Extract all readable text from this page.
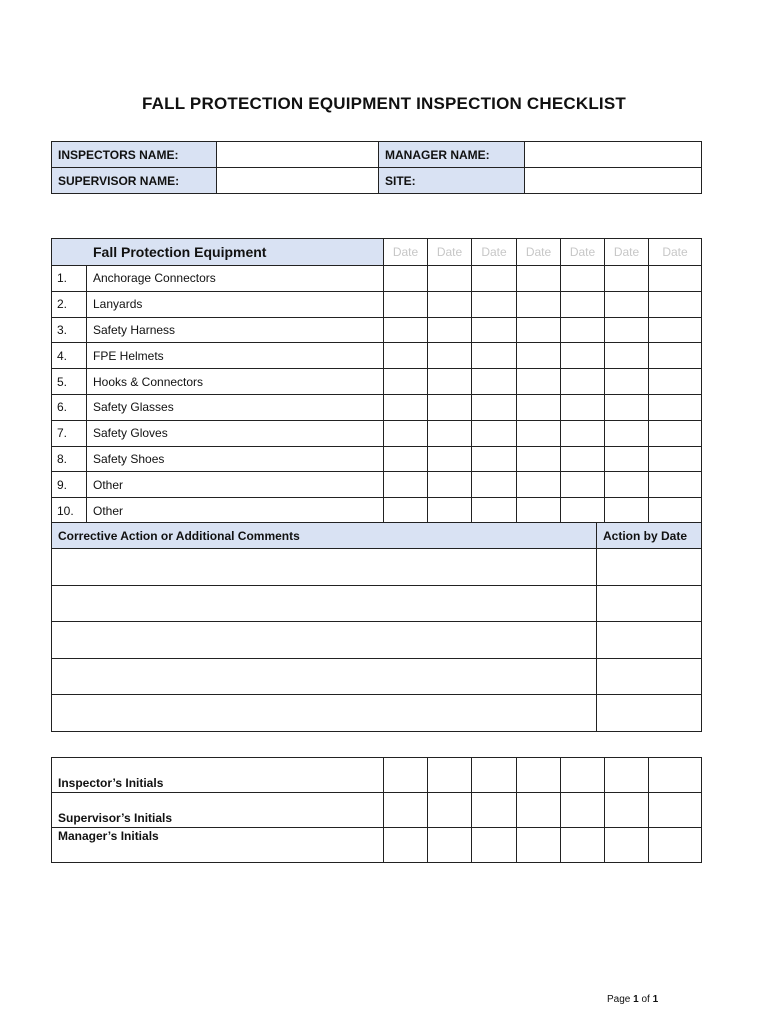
FALL PROTECTION EQUIPMENT INSPECTION CHECKLIST
INSPECTORS NAME:		MANAGER NAME:	
SUPERVISOR NAME:		SITE:	
Fall Protection Equipment		Date	Date	Date	Date	Date	Date	Date
1.	Anchorage Connectors							
2.	Lanyards							
3.	Safety Harness							
4.	FPE Helmets							
5.	Hooks & Connectors							
6.	Safety Glasses							
7.	Safety Gloves							
8.	Safety Shoes							
9.	Other							
10.	Other							
Corrective Action or Additional Comments	Action by Date

Inspector’s Initials							
Supervisor’s Initials							
Manager’s Initials							
Page 1 of 1
